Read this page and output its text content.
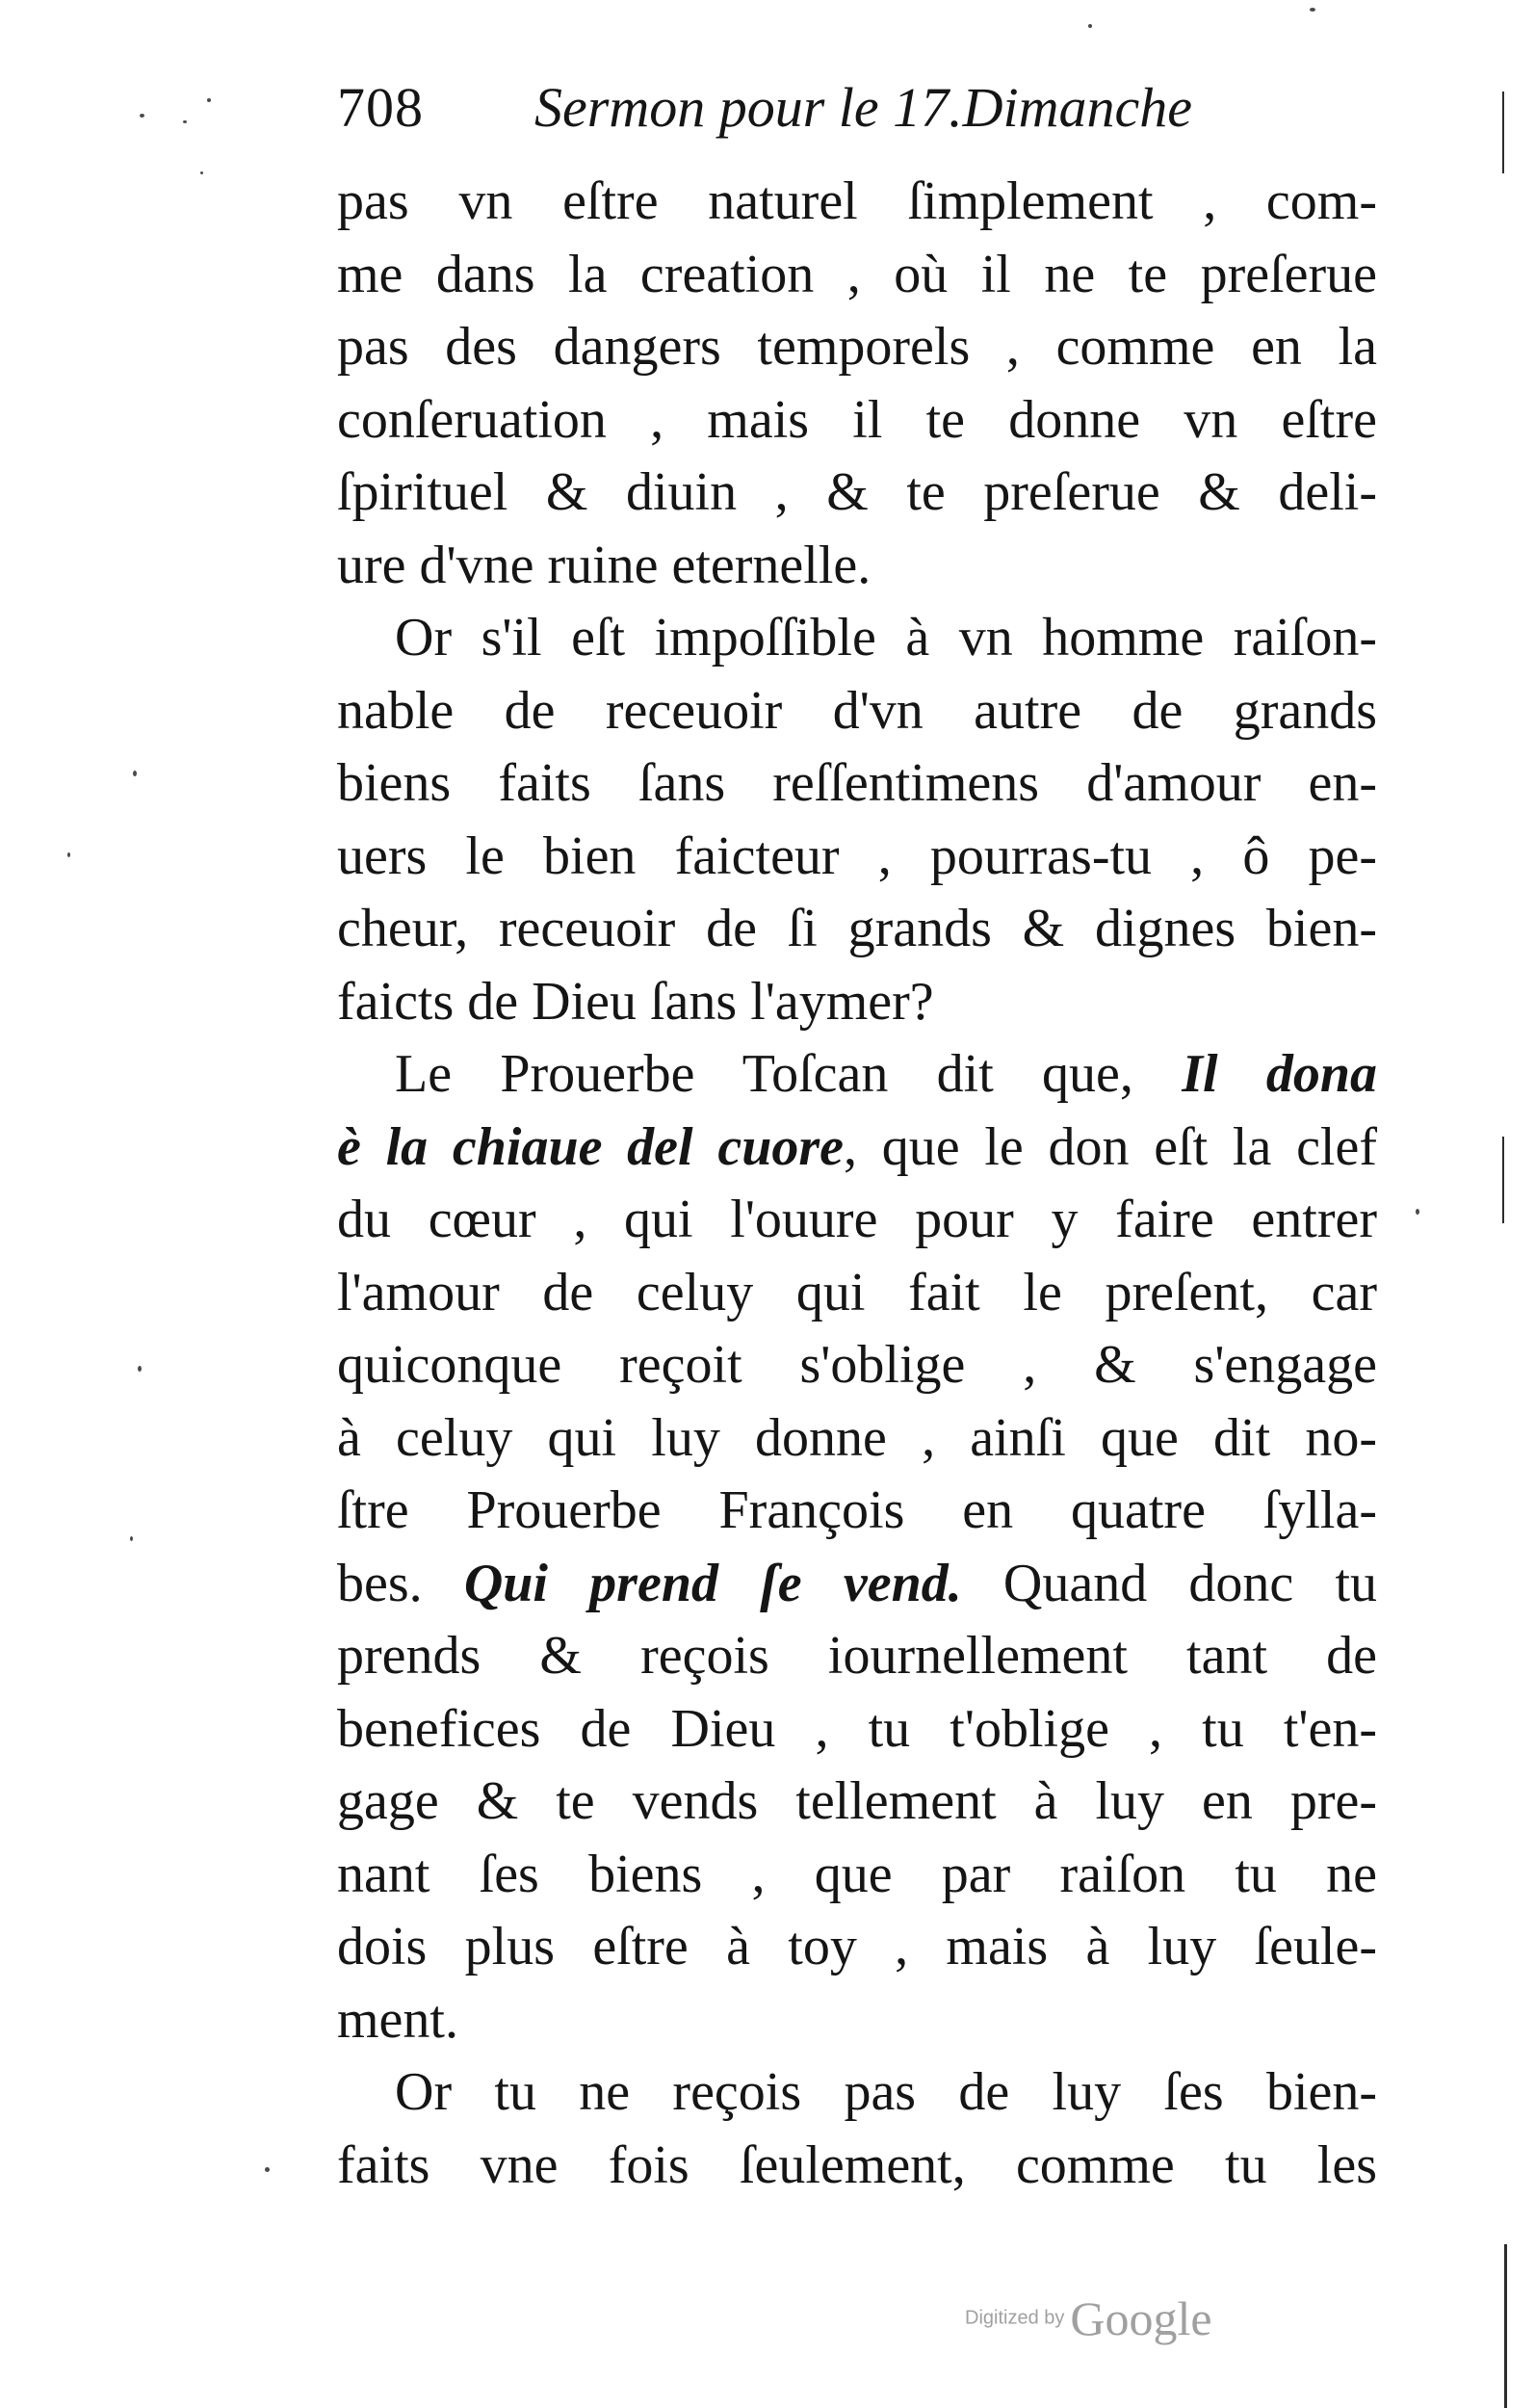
708 Sermon pour le 17.Dimanche
pas vn eſtre naturel ſimplement , com-
me dans la creation , où il ne te preſerue
pas des dangers temporels , comme en la
conſeruation , mais il te donne vn eſtre
ſpirituel & diuin , & te preſerue & deli-
ure d'vne ruine eternelle.
Or s'il eſt impoſſible à vn homme raiſon-
nable de receuoir d'vn autre de grands
biens faits ſans reſſentimens d'amour en-
uers le bien faicteur , pourras-tu , ô pe-
cheur, receuoir de ſi grands & dignes bien-
faicts de Dieu ſans l'aymer?
Le Prouerbe Toſcan dit que, Il dona
è la chiaue del cuore, que le don eſt la clef
du cœur , qui l'ouure pour y faire entrer
l'amour de celuy qui fait le preſent, car
quiconque reçoit s'oblige , & s'engage
à celuy qui luy donne , ainſi que dit no-
ſtre Prouerbe François en quatre ſylla-
bes. Qui prend ſe vend. Quand donc tu
prends & reçois iournellement tant de
benefices de Dieu , tu t'oblige , tu t'en-
gage & te vends tellement à luy en pre-
nant ſes biens , que par raiſon tu ne
dois plus eſtre à toy , mais à luy ſeule-
ment.
Or tu ne reçois pas de luy ſes bien-
faits vne fois ſeulement, comme tu les
Digitized by Google
